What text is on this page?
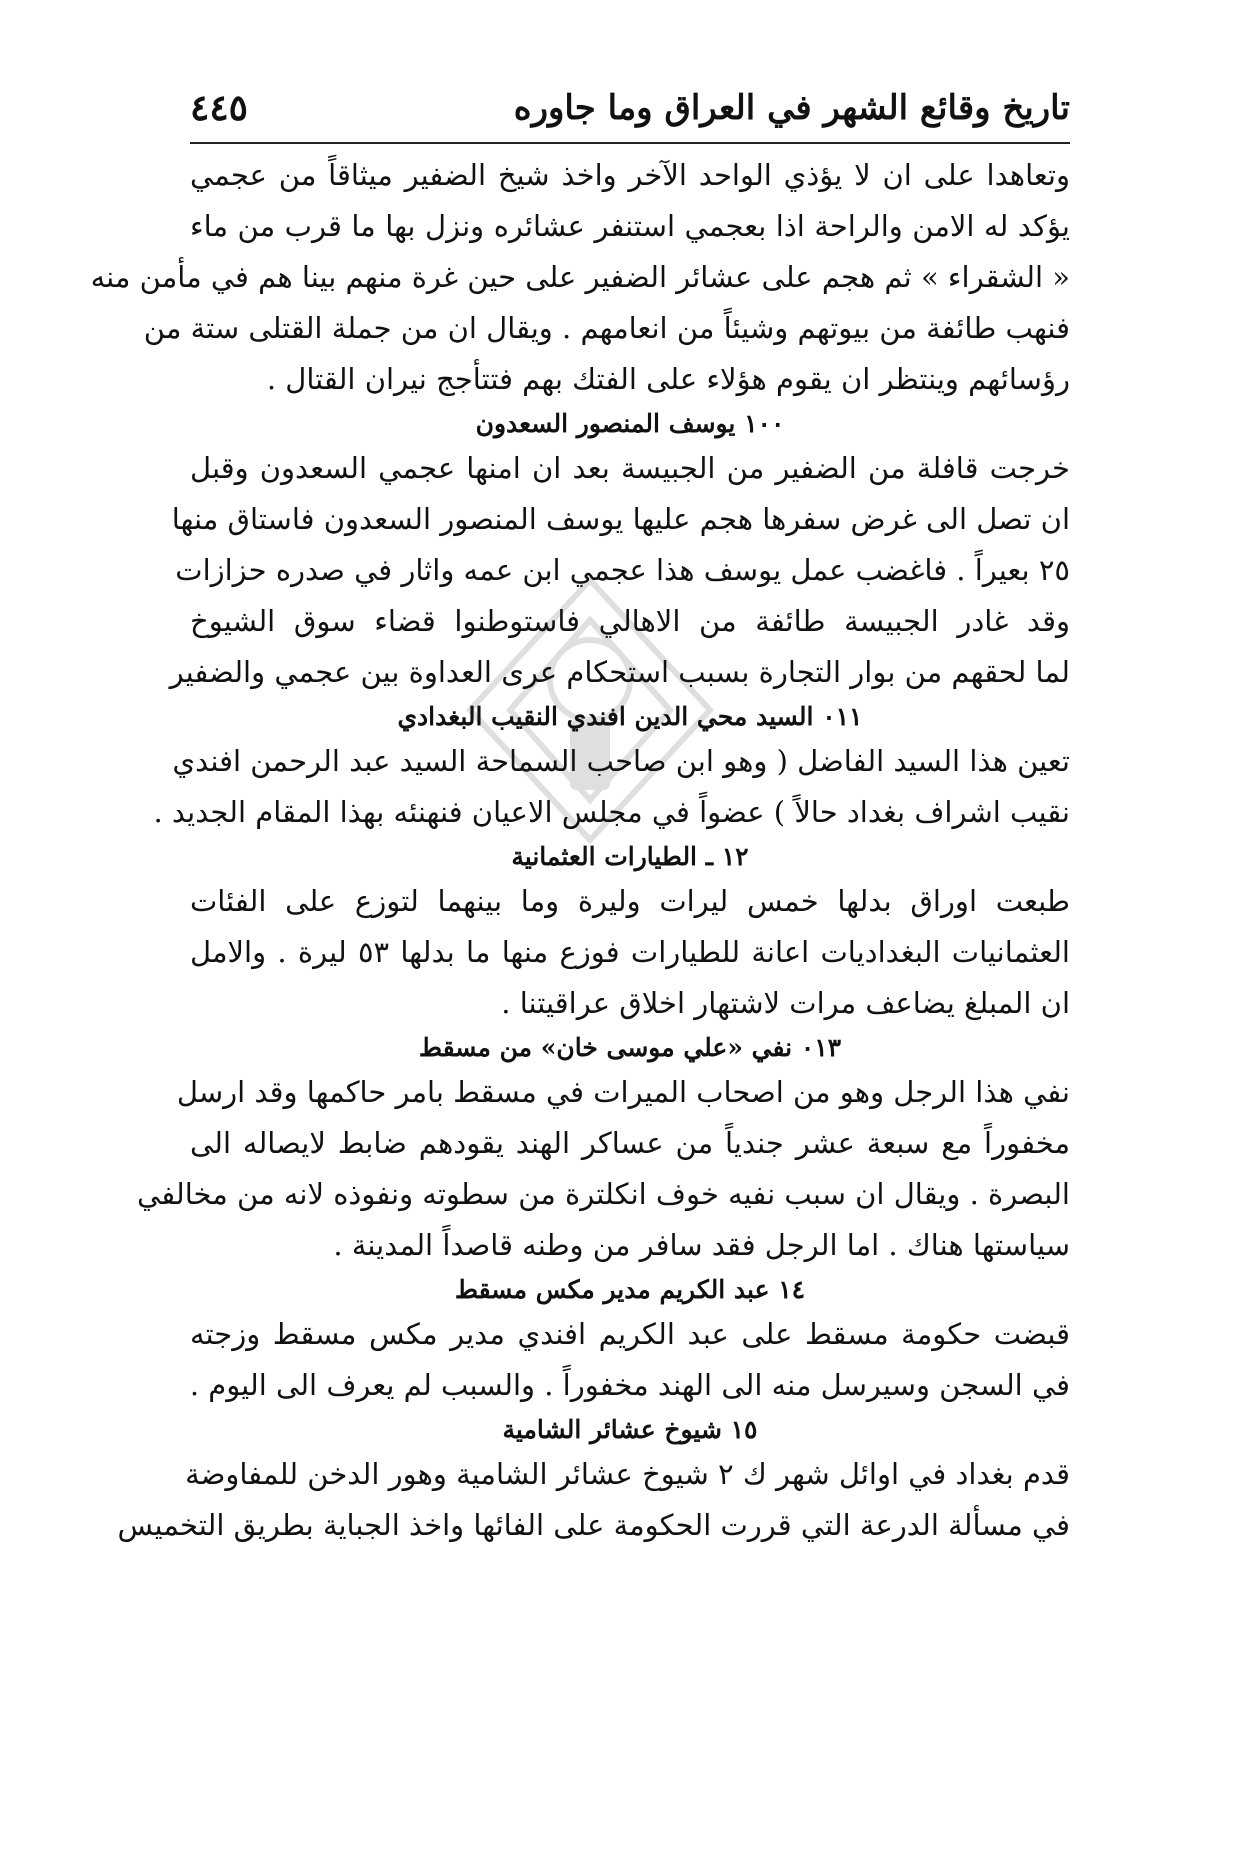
تاريخ وقائع الشهر في العراق وما جاوره
٤٤٥
وتعاهدا على ان لا يؤذي الواحد الآخر واخذ شيخ الضفير ميثاقاً من عجمي
يؤكد له الامن والراحة اذا بعجمي استنفر عشائره ونزل بها ما قرب من ماء
« الشقراء » ثم هجم على عشائر الضفير على حين غرة منهم بينا هم في مأمن منه
فنهب طائفة من بيوتهم وشيئاً من انعامهم . ويقال ان من جملة القتلى ستة من
رؤسائهم وينتظر ان يقوم هؤلاء على الفتك بهم فتتأجج نيران القتال .
١٠٠ يوسف المنصور السعدون
خرجت قافلة من الضفير من الجبيسة بعد ان امنها عجمي السعدون وقبل
ان تصل الى غرض سفرها هجم عليها يوسف المنصور السعدون فاستاق منها
٢٥ بعيراً . فاغضب عمل يوسف هذا عجمي ابن عمه واثار في صدره حزازات
وقد غادر الجبيسة طائفة من الاهالي فاستوطنوا قضاء سوق الشيوخ
لما لحقهم من بوار التجارة بسبب استحكام عرى العداوة بين عجمي والضفير
٠١١ السيد محي الدين افندي النقيب البغدادي
تعين هذا السيد الفاضل ( وهو ابن صاحب السماحة السيد عبد الرحمن افندي
نقيب اشراف بغداد حالاً ) عضواً في مجلس الاعيان فنهنئه بهذا المقام الجديد .
١٢ ـ الطيارات العثمانية
طبعت اوراق بدلها خمس ليرات وليرة وما بينهما لتوزع على الفئات
العثمانيات البغداديات اعانة للطيارات فوزع منها ما بدلها ٥٣ ليرة . والامل
ان المبلغ يضاعف مرات لاشتهار اخلاق عراقيتنا .
٠١٣ نفي «علي موسى خان» من مسقط
نفي هذا الرجل وهو من اصحاب الميرات في مسقط بامر حاكمها وقد ارسل
مخفوراً مع سبعة عشر جندياً من عساكر الهند يقودهم ضابط لايصاله الى
البصرة . ويقال ان سبب نفيه خوف انكلترة من سطوته ونفوذه لانه من مخالفي
سياستها هناك . اما الرجل فقد سافر من وطنه قاصداً المدينة .
١٤ عبد الكريم مدير مكس مسقط
قبضت حكومة مسقط على عبد الكريم افندي مدير مكس مسقط وزجته
في السجن وسيرسل منه الى الهند مخفوراً . والسبب لم يعرف الى اليوم .
١٥ شيوخ عشائر الشامية
قدم بغداد في اوائل شهر ك ٢ شيوخ عشائر الشامية وهور الدخن للمفاوضة
في مسألة الدرعة التي قررت الحكومة على الفائها واخذ الجباية بطريق التخميس
